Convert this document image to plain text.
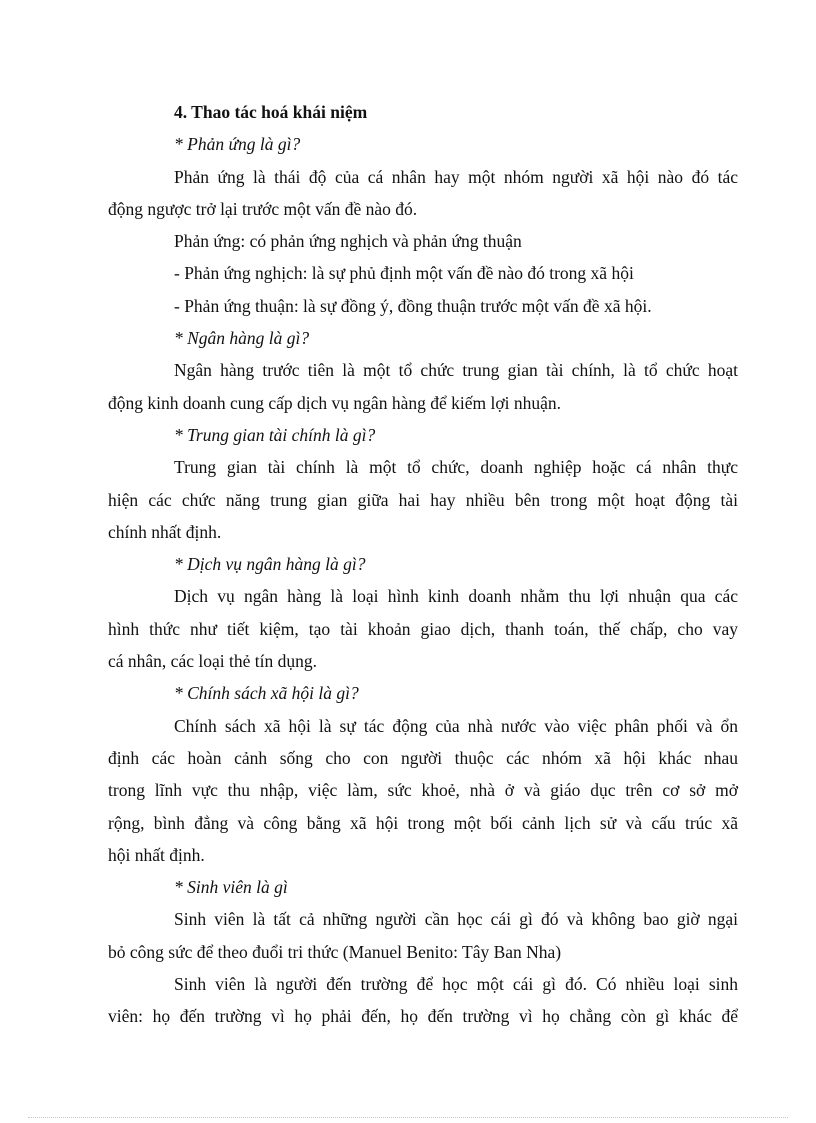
4. Thao tác hoá khái niệm
* Phản ứng là gì?
Phản ứng là thái độ của cá nhân hay một nhóm người xã hội nào đó tác
động ngược trở lại trước một vấn đề nào đó.
Phản ứng: có phản ứng nghịch và phản ứng thuận
- Phản ứng nghịch: là sự phủ định một vấn đề nào đó trong xã hội
- Phản ứng thuận: là sự đồng ý, đồng thuận trước một vấn đề xã hội.
* Ngân hàng là gì?
Ngân hàng trước tiên là một tổ chức trung gian tài chính, là tổ chức hoạt
động kinh doanh cung cấp dịch vụ ngân hàng để kiếm lợi nhuận.
* Trung gian tài chính là gì?
Trung gian tài chính là một tổ chức, doanh nghiệp hoặc cá nhân thực
hiện các chức năng trung gian giữa hai hay nhiều bên trong một hoạt động tài
chính nhất định.
* Dịch vụ ngân hàng là gì?
Dịch vụ ngân hàng là loại hình kinh doanh nhằm thu lợi nhuận qua các
hình thức như tiết kiệm, tạo tài khoản giao dịch, thanh toán, thế chấp, cho vay
cá nhân, các loại thẻ tín dụng.
* Chính sách xã hội là gì?
Chính sách xã hội là sự tác động của nhà nước vào việc phân phối và ổn
định các hoàn cảnh sống cho con người thuộc các nhóm xã hội khác nhau
trong lĩnh vực thu nhập, việc làm, sức khoẻ, nhà ở và giáo dục trên cơ sở mở
rộng, bình đẳng và công bằng xã hội trong một bối cảnh lịch sử và cấu trúc xã
hội nhất định.
* Sinh viên là gì
Sinh viên là tất cả những người cần học cái gì đó và không bao giờ ngại
bỏ công sức để theo đuổi tri thức (Manuel Benito: Tây Ban Nha)
Sinh viên là người đến trường để học một cái gì đó. Có nhiều loại sinh
viên: họ đến trường vì họ phải đến, họ đến trường vì họ chẳng còn gì khác để
